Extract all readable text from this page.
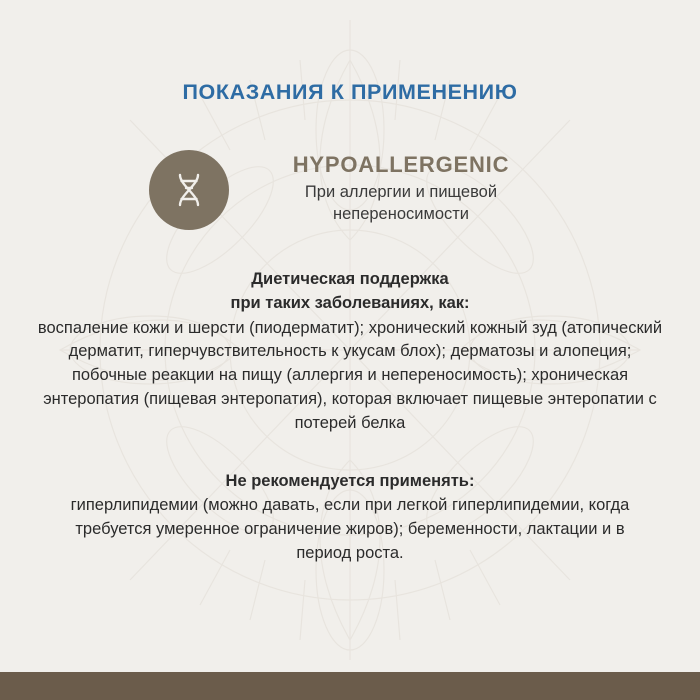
ПОКАЗАНИЯ К ПРИМЕНЕНИЮ
HYPOALLERGENIC

При аллергии и пищевой непереносимости

Диетическая поддержка
при таких заболеваниях, как:

воспаление кожи и шерсти (пиодерматит); хронический кожный зуд (атопический дерматит, гиперчувствительность к укусам блох); дерматозы и алопеция; побочные реакции на пищу (аллергия и непереносимость); хроническая энтеропатия (пищевая энтеропатия), которая включает пищевые энтеропатии с потерей белка

Не рекомендуется применять:

гиперлипидемии (можно давать, если при легкой гиперлипидемии, когда требуется умеренное ограничение жиров); беременности, лактации и в период роста.
